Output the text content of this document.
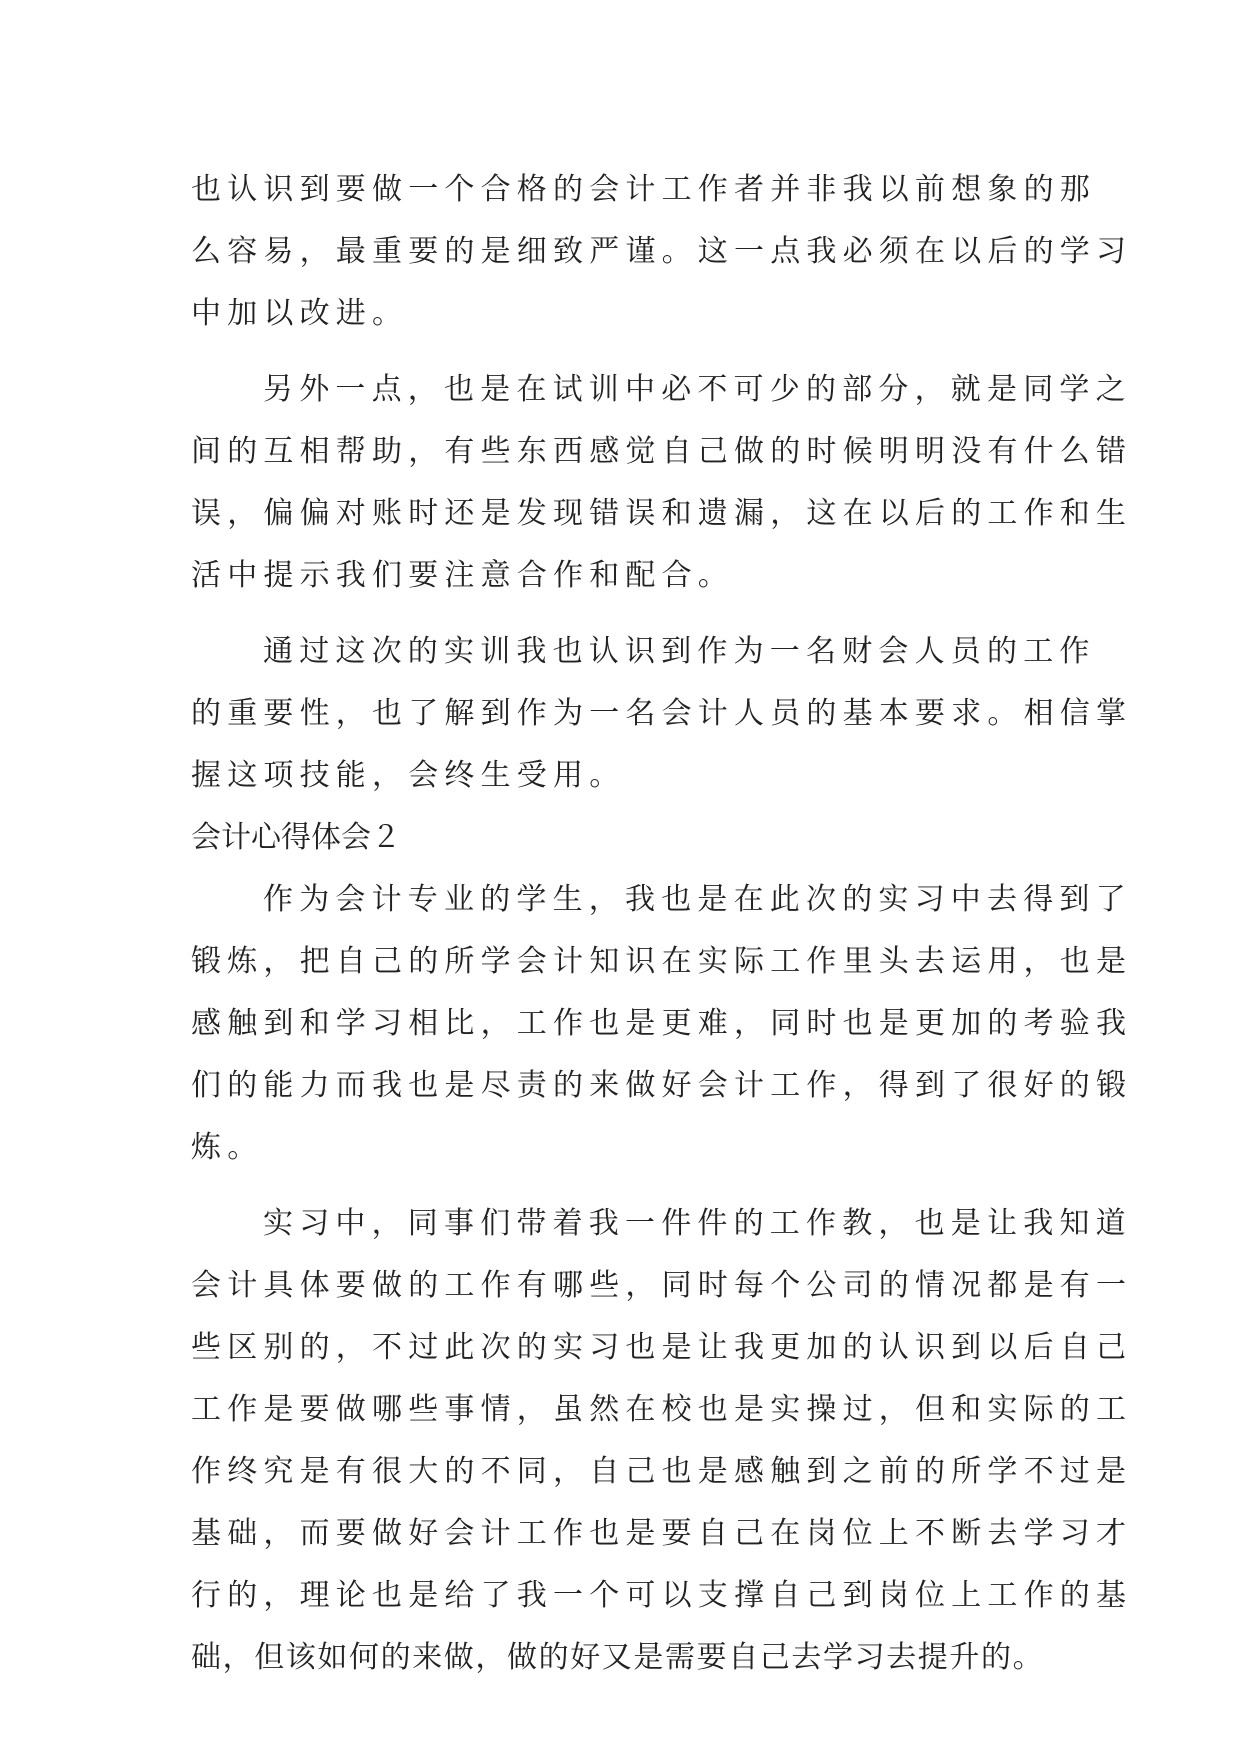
也认识到要做一个合格的会计工作者并非我以前想象的那
么容易，最重要的是细致严谨。这一点我必须在以后的学习
中加以改进。
另外一点，也是在试训中必不可少的部分，就是同学之
间的互相帮助，有些东西感觉自己做的时候明明没有什么错
误，偏偏对账时还是发现错误和遗漏，这在以后的工作和生
活中提示我们要注意合作和配合。
通过这次的实训我也认识到作为一名财会人员的工作
的重要性，也了解到作为一名会计人员的基本要求。相信掌
握这项技能，会终生受用。
会计心得体会２
作为会计专业的学生，我也是在此次的实习中去得到了
锻炼，把自己的所学会计知识在实际工作里头去运用，也是
感触到和学习相比，工作也是更难，同时也是更加的考验我
们的能力而我也是尽责的来做好会计工作，得到了很好的锻
炼。
实习中，同事们带着我一件件的工作教，也是让我知道
会计具体要做的工作有哪些，同时每个公司的情况都是有一
些区别的，不过此次的实习也是让我更加的认识到以后自己
工作是要做哪些事情，虽然在校也是实操过，但和实际的工
作终究是有很大的不同，自己也是感触到之前的所学不过是
基础，而要做好会计工作也是要自己在岗位上不断去学习才
行的，理论也是给了我一个可以支撑自己到岗位上工作的基
础，但该如何的来做，做的好又是需要自己去学习去提升的。
